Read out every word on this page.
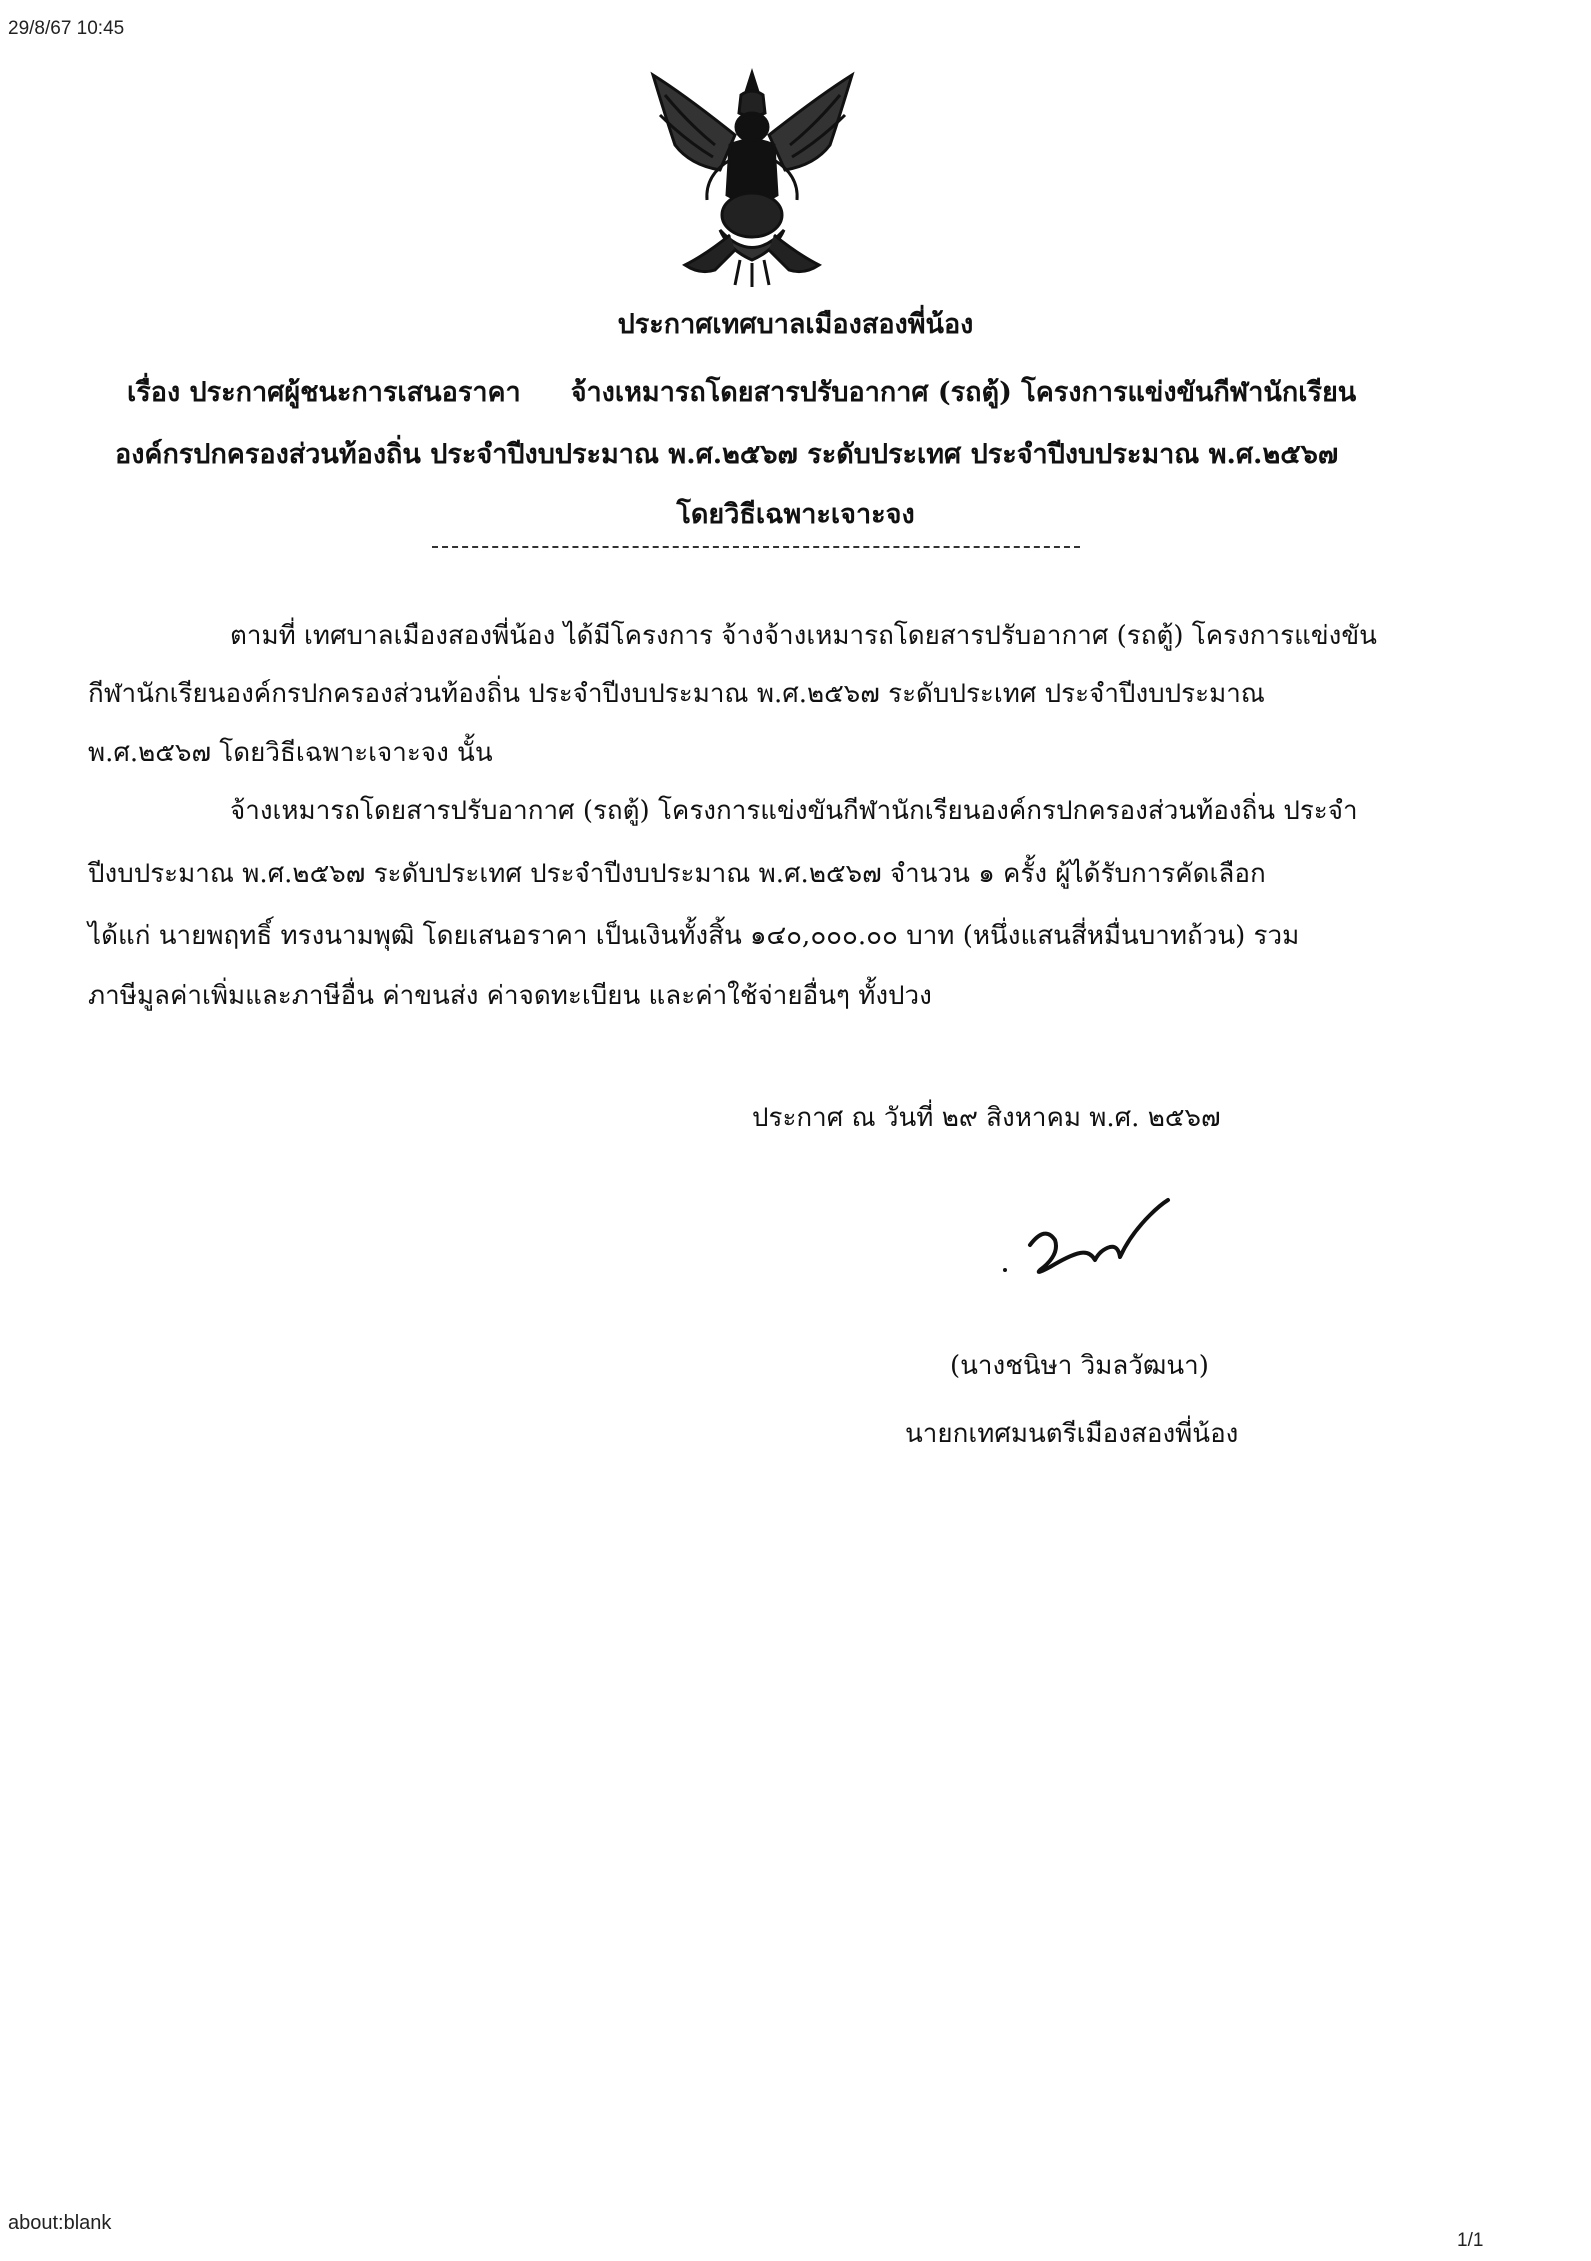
29/8/67 10:45
ประกาศเทศบาลเมืองสองพี่น้อง
เรื่อง ประกาศผู้ชนะการเสนอราคา จ้างเหมารถโดยสารปรับอากาศ (รถตู้) โครงการแข่งขันกีฬานักเรียน
องค์กรปกครองส่วนท้องถิ่น ประจำปีงบประมาณ พ.ศ.๒๕๖๗ ระดับประเทศ ประจำปีงบประมาณ พ.ศ.๒๕๖๗
โดยวิธีเฉพาะเจาะจง
ตามที่ เทศบาลเมืองสองพี่น้อง ได้มีโครงการ จ้างจ้างเหมารถโดยสารปรับอากาศ (รถตู้) โครงการแข่งขัน
กีฬานักเรียนองค์กรปกครองส่วนท้องถิ่น ประจำปีงบประมาณ พ.ศ.๒๕๖๗ ระดับประเทศ ประจำปีงบประมาณ
พ.ศ.๒๕๖๗ โดยวิธีเฉพาะเจาะจง นั้น
จ้างเหมารถโดยสารปรับอากาศ (รถตู้) โครงการแข่งขันกีฬานักเรียนองค์กรปกครองส่วนท้องถิ่น ประจำ
ปีงบประมาณ พ.ศ.๒๕๖๗ ระดับประเทศ ประจำปีงบประมาณ พ.ศ.๒๕๖๗ จำนวน ๑ ครั้ง ผู้ได้รับการคัดเลือก
ได้แก่ นายพฤทธิ์ ทรงนามพุฒิ โดยเสนอราคา เป็นเงินทั้งสิ้น ๑๔๐,๐๐๐.๐๐ บาท (หนึ่งแสนสี่หมื่นบาทถ้วน) รวม
ภาษีมูลค่าเพิ่มและภาษีอื่น ค่าขนส่ง ค่าจดทะเบียน และค่าใช้จ่ายอื่นๆ ทั้งปวง
ประกาศ ณ วันที่ ๒๙ สิงหาคม พ.ศ. ๒๕๖๗
(นางชนิษา วิมลวัฒนา)
นายกเทศมนตรีเมืองสองพี่น้อง
about:blank
1/1
